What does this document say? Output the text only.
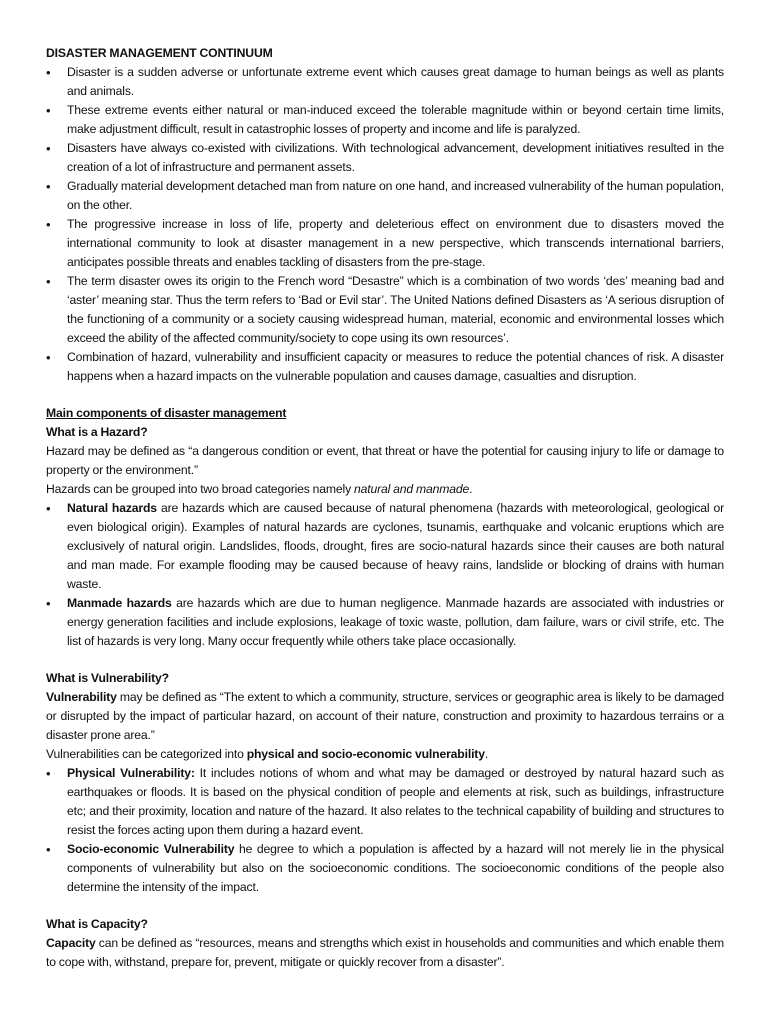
DISASTER MANAGEMENT CONTINUUM

• Disaster is a sudden adverse or unfortunate extreme event which causes great damage to human beings as well as plants and animals.
• These extreme events either natural or man-induced exceed the tolerable magnitude within or beyond certain time limits, make adjustment difficult, result in catastrophic losses of property and income and life is paralyzed.
• Disasters have always co-existed with civilizations. With technological advancement, development initiatives resulted in the creation of a lot of infrastructure and permanent assets.
• Gradually material development detached man from nature on one hand, and increased vulnerability of the human population, on the other.
• The progressive increase in loss of life, property and deleterious effect on environment due to disasters moved the international community to look at disaster management in a new perspective, which transcends international barriers, anticipates possible threats and enables tackling of disasters from the pre-stage.
• The term disaster owes its origin to the French word “Desastre” which is a combination of two words ‘des’ meaning bad and ‘aster’ meaning star. Thus the term refers to ‘Bad or Evil star’. The United Nations defined Disasters as ‘A serious disruption of the functioning of a community or a society causing widespread human, material, economic and environmental losses which exceed the ability of the affected community/society to cope using its own resources’.
• Combination of hazard, vulnerability and insufficient capacity or measures to reduce the potential chances of risk. A disaster happens when a hazard impacts on the vulnerable population and causes damage, casualties and disruption.

Main components of disaster management

What is a Hazard?

Hazard may be defined as “a dangerous condition or event, that threat or have the potential for causing injury to life or damage to property or the environment.”

Hazards can be grouped into two broad categories namely natural and manmade.

• Natural hazards are hazards which are caused because of natural phenomena (hazards with meteorological, geological or even biological origin). Examples of natural hazards are cyclones, tsunamis, earthquake and volcanic eruptions which are exclusively of natural origin. Landslides, floods, drought, fires are socio-natural hazards since their causes are both natural and man made. For example flooding may be caused because of heavy rains, landslide or blocking of drains with human waste.
• Manmade hazards are hazards which are due to human negligence. Manmade hazards are associated with industries or energy generation facilities and include explosions, leakage of toxic waste, pollution, dam failure, wars or civil strife, etc. The list of hazards is very long. Many occur frequently while others take place occasionally.

What is Vulnerability?

Vulnerability may be defined as “The extent to which a community, structure, services or geographic area is likely to be damaged or disrupted by the impact of particular hazard, on account of their nature, construction and proximity to hazardous terrains or a disaster prone area.”

Vulnerabilities can be categorized into physical and socio-economic vulnerability.

• Physical Vulnerability: It includes notions of whom and what may be damaged or destroyed by natural hazard such as earthquakes or floods. It is based on the physical condition of people and elements at risk, such as buildings, infrastructure etc; and their proximity, location and nature of the hazard. It also relates to the technical capability of building and structures to resist the forces acting upon them during a hazard event.
• Socio-economic Vulnerability he degree to which a population is affected by a hazard will not merely lie in the physical components of vulnerability but also on the socioeconomic conditions. The socioeconomic conditions of the people also determine the intensity of the impact.

What is Capacity?

Capacity can be defined as “resources, means and strengths which exist in households and communities and which enable them to cope with, withstand, prepare for, prevent, mitigate or quickly recover from a disaster”.
